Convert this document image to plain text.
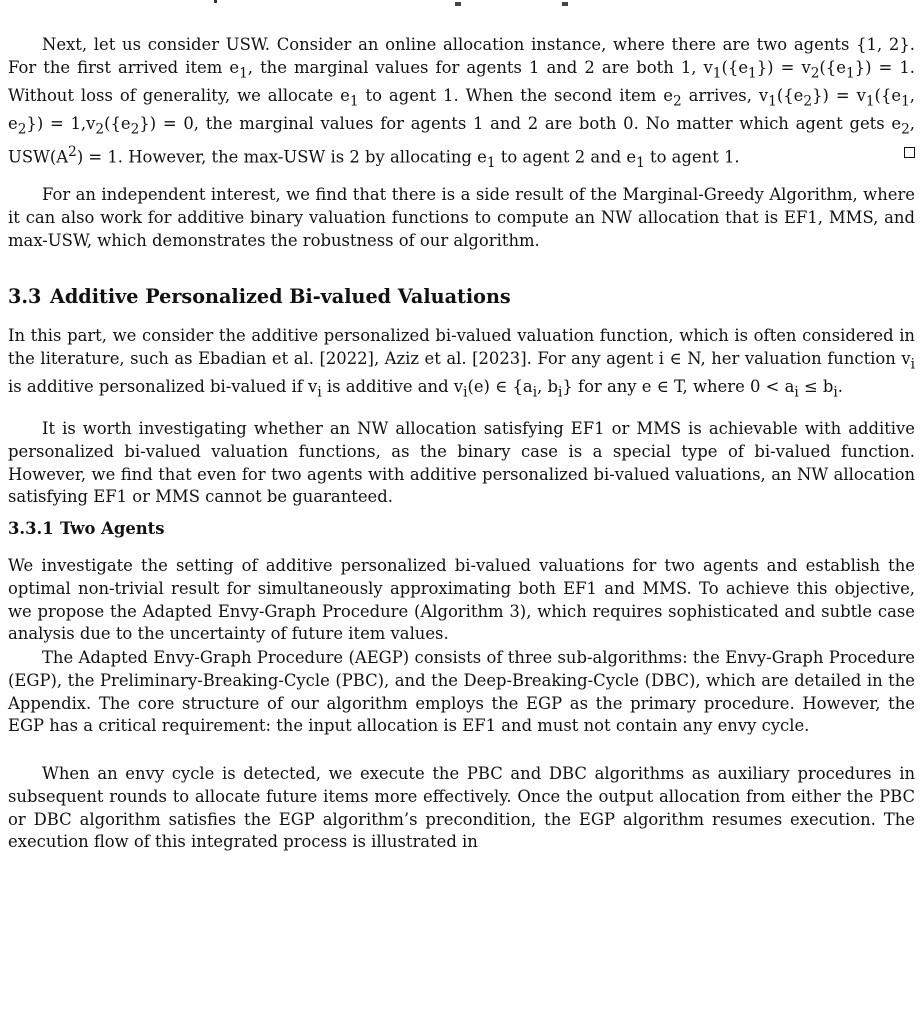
Next, let us consider USW. Consider an online allocation instance, where there are two agents {1, 2}. For the first arrived item $e_1$, the marginal values for agents 1 and 2 are both 1, $v_1(\{e_1\}) = v_2(\{e_1\}) = 1$. Without loss of generality, we allocate $e_1$ to agent 1. When the second item $e_2$ arrives, $v_1(\{e_2\}) = v_1(\{e_1$, $e_2\}) = 1,v_2(\{e_2\}) = 0$, the marginal values for agents 1 and 2 are both 0. No matter which agent gets $e_2$, $USW(A^2) = 1$. However, the max-USW is 2 by allocating $e_1$ to agent 2 and $e_1$ to agent 1.

For an independent interest, we find that there is a side result of the Marginal-Greedy Algorithm, where it can also work for additive binary valuation functions to compute an NW allocation that is EF1, MMS, and max-USW, which demonstrates the robustness of our algorithm.

3.3 Additive Personalized Bi-valued Valuations

In this part, we consider the additive personalized bi-valued valuation function, which is often considered in the literature, such as Ebadian et al. [2022], Aziz et al. [2023]. For any agent i ∈ N, her valuation function $v_i$ is additive personalized bi-valued if $v_i$ is additive and $v_i(e)$ ∈ {$a_i$, $b_i$} for any e ∈ T, where $0 < a_i \le b_i$.

It is worth investigating whether an NW allocation satisfying EF1 or MMS is achievable with additive personalized bi-valued valuation functions, as the binary case is a special type of bi-valued function. However, we find that even for two agents with additive personalized bi-valued valuations, an NW allocation satisfying EF1 or MMS cannot be guaranteed.

3.3.1 Two Agents

We investigate the setting of additive personalized bi-valued valuations for two agents and establish the optimal non-trivial result for simultaneously approximating both EF1 and MMS. To achieve this objective, we propose the Adapted Envy-Graph Procedure (Algorithm 3), which requires sophisticated and subtle case analysis due to the uncertainty of future item values.

The Adapted Envy-Graph Procedure (AEGP) consists of three sub-algorithms: the Envy-Graph Procedure (EGP), the Preliminary-Breaking-Cycle (PBC), and the Deep-Breaking-Cycle (DBC), which are detailed in the Appendix. The core structure of our algorithm employs the EGP as the primary procedure. However, the EGP has a critical requirement: the input allocation is EF1 and must not contain any envy cycle.

When an envy cycle is detected, we execute the PBC and DBC algorithms as auxiliary procedures in subsequent rounds to allocate future items more effectively. Once the output allocation from either the PBC or DBC algorithm satisfies the EGP algorithm’s precondition, the EGP algorithm resumes execution. The execution flow of this integrated process is illustrated in
